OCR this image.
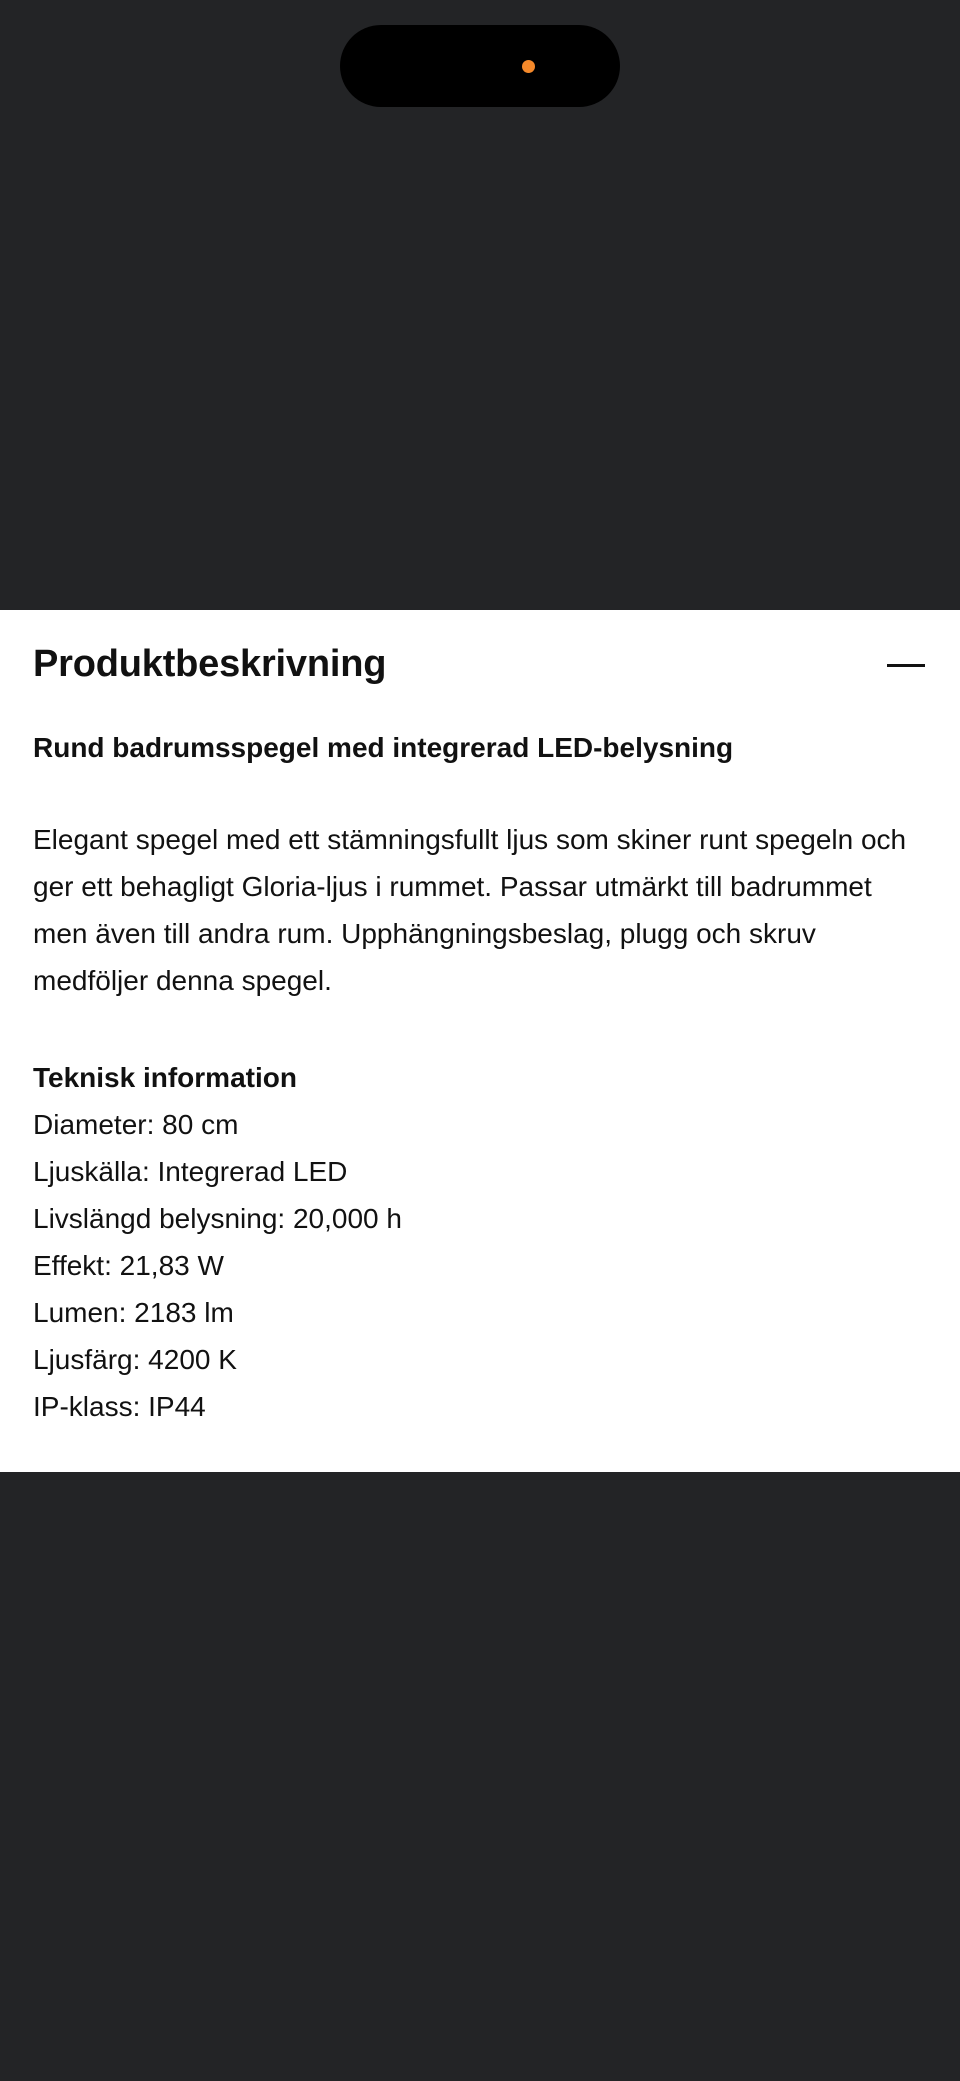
Produktbeskrivning

Rund badrumsspegel med integrerad LED-belysning

Elegant spegel med ett stämningsfullt ljus som skiner runt spegeln och ger ett behagligt Gloria-ljus i rummet. Passar utmärkt till badrummet men även till andra rum. Upphängningsbeslag, plugg och skruv medföljer denna spegel.

Teknisk information

Diameter: 80 cm
Ljuskälla: Integrerad LED
Livslängd belysning: 20,000 h
Effekt: 21,83 W
Lumen: 2183 lm
Ljusfärg: 4200 K
IP-klass: IP44
